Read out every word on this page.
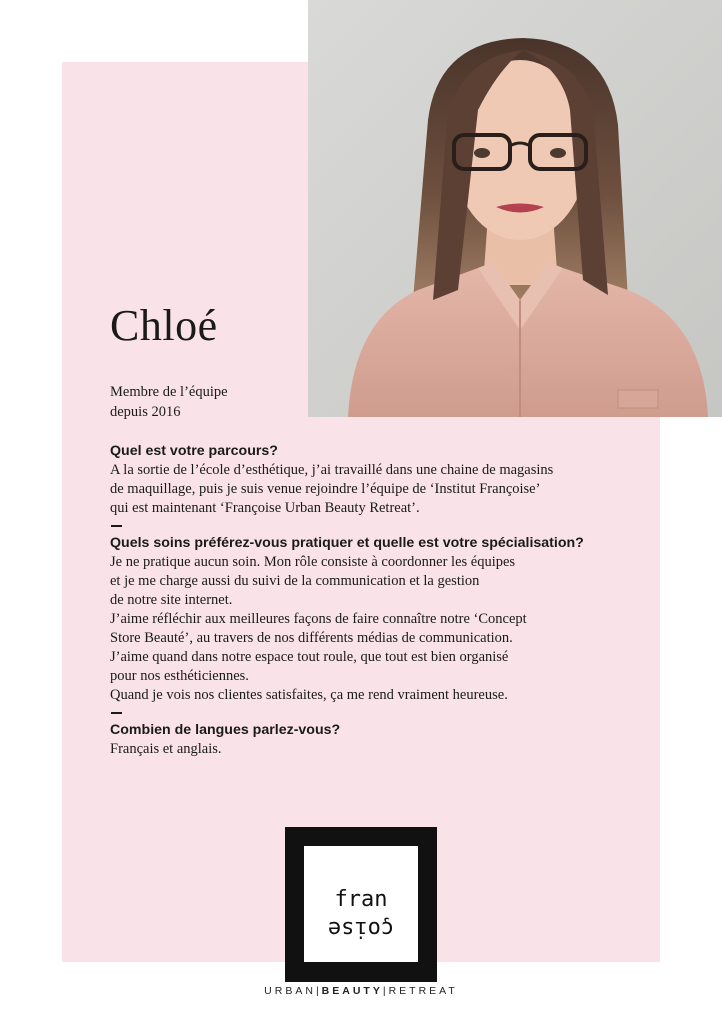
Chloé
Membre de l’équipe
depuis 2016
Quel est votre parcours?
A la sortie de l’école d’esthétique, j’ai travaillé dans une chaine de magasins
de maquillage, puis je suis venue rejoindre l’équipe de ‘Institut Françoise’
qui est maintenant ‘Françoise Urban Beauty Retreat’.
Quels soins préférez-vous pratiquer et quelle est votre spécialisation?
Je ne pratique aucun soin. Mon rôle consiste à coordonner les équipes
et je me charge aussi du suivi de la communication et la gestion
de notre site internet.
J’aime réfléchir aux meilleures façons de faire connaître notre ‘Concept
Store Beauté’, au travers de nos différents médias de communication.
J’aime quand dans notre espace tout roule, que tout est bien organisé
pour nos esthéticiennes.
Quand je vois nos clientes satisfaites, ça me rend vraiment heureuse.
Combien de langues parlez-vous?
Français et anglais.
fran
çoise
URBAN|BEAUTY|RETREAT
